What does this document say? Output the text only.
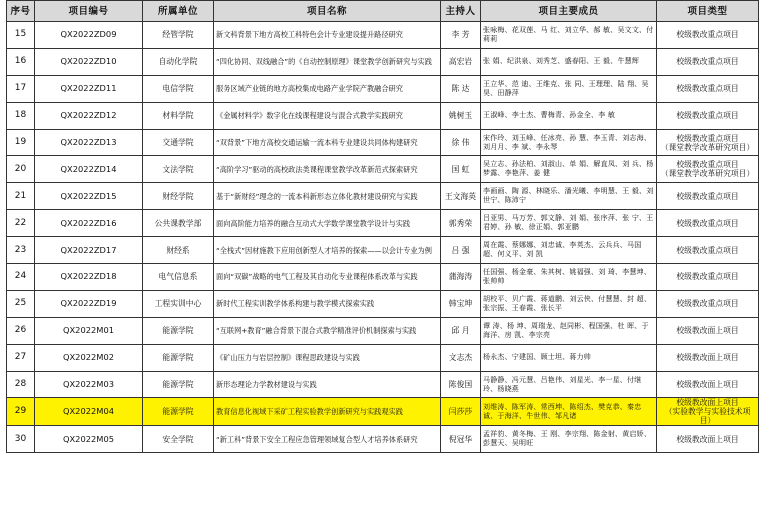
序号	项目编号	所属单位	项目名称	主持人	项目主要成员	项目类型
15	QX2022ZD09	经管学院	新文科背景下地方高校工科特色会计专业建设提升路径研究	李 芳	张咏梅、花双莲、马 红、刘立华、郝 敏、吴文文、付莉莉	校级教改重点项目

16	QX2022ZD10	自动化学院	“四化协同、双线融合”的《自动控制原理》课堂教学创新研究与实践	高宏岩	张 娟、纪洪泉、刘秀芝、盛春阳、王 毅、牛慧辉	校级教改重点项目

17	QX2022ZD11	电信学院	服务区域产业链的地方高校集成电路产业学院产教融合研究	陈 达	王立华、范 迪、王维克、张 同、王理理、陆 翔、吴 昊、田静萍	校级教改重点项目

18	QX2022ZD12	材料学院	《金属材料学》数字化在线课程建设与混合式教学实践研究	姚树玉	王淑峰、李士杰、曹梅青、孙金全、李 敏	校级教改重点项目

19	QX2022ZD13	交通学院	“双背景”下地方高校交通运输一流本科专业建设共同体构建研究	徐 伟	宋作玲、刘玉峰、任冰亮、孙 慧、李玉青、刘志海、刘月月、李 斌、李永琴	校级教改重点项目
（课堂教学改革研究项目）

20	QX2022ZD14	文法学院	“高阶学习”驱动的高校政法类课程课堂教学改革新范式探索研究	国 虹	吴立志、孙法柏、刘淑山、单 娟、解直凤、刘 兵、杨梦露、李艳萍、姜 健	校级教改重点项目
（课堂教学改革研究项目）

21	QX2022ZD15	财经学院	基于“新财经”理念的一流本科新形态立体化教材建设研究与实践	王文海英	李画画、陶 源、林晓乐、潘光曦、李明慧、王 毅、刘世宁、陈沛宁	校级教改重点项目

22	QX2022ZD16	公共课教学部	面向高阶能力培养的融合互动式大学数学课堂教学设计与实践	郭秀荣	吕亚男、马万芳、郭文静、刘 娟、张序萍、张 宁、王君婷、孙 敏、徐正娟、郭亚鹏	校级教改重点项目

23	QX2022ZD17	财经系	“全栈式”因材施教下应用创新型人才培养的探索——以会计专业为例	吕 强	周在霞、蔡娜娜、刘忠诚、李英杰、云兵兵、马国超、何义平、刘 凯	校级教改重点项目

24	QX2022ZD18	电气信息系	面向“双碳”战略的电气工程及其自动化专业课程体系改革与实践	蒲海涛	任国强、杨金豪、朱其树、姚福强、刘 琦、李慧坤、张帅帅	校级教改重点项目

25	QX2022ZD19	工程实训中心	新时代工程实训教学体系构建与教学模式探索实践	韩宝坤	胡校平、贝广霞、蒋道鹏、刘云侠、付慧慧、封 超、张宗振、王春霞、张长平	校级教改重点项目

26	QX2022M01	能源学院	“互联网+教育”融合背景下混合式教学精准评价机制探索与实践	邱 月	谭 涛、杨 坤、周瑞龙、赵同彬、程国强、杜 晖、于海洋、房 凯、李宗亮	校级教改面上项目

27	QX2022M02	能源学院	《矿山压力与岩层控制》课程思政建设与实践	文志杰	杨永杰、宁建国、顾士坦、蒋力帅	校级教改面上项目

28	QX2022M03	能源学院	新形态理论力学教材建设与实践	陈俊国	马静静、冯元慧、吕艳伟、刘星光、李一星、付继玲、杨晓燕	校级教改面上项目

29	QX2022M04	能源学院	教育信息化视域下采矿工程实验教学创新研究与实践观实践	闫莎莎	刘维涛、陈军涛、常西坤、陈绍杰、樊克恭、秦忠诚、于海洋、牛世伟、邹凡诸	校级教改面上项目
（实验教学与实验技术项目）

30	QX2022M05	安全学院	“新工科”背景下安全工程应急管理领域复合型人才培养体系研究	倪冠华	孟祥豹、黄冬梅、王 刚、李宗翔、陈金射、黄启娇、彭慧天、吴明旺	校级教改面上项目
